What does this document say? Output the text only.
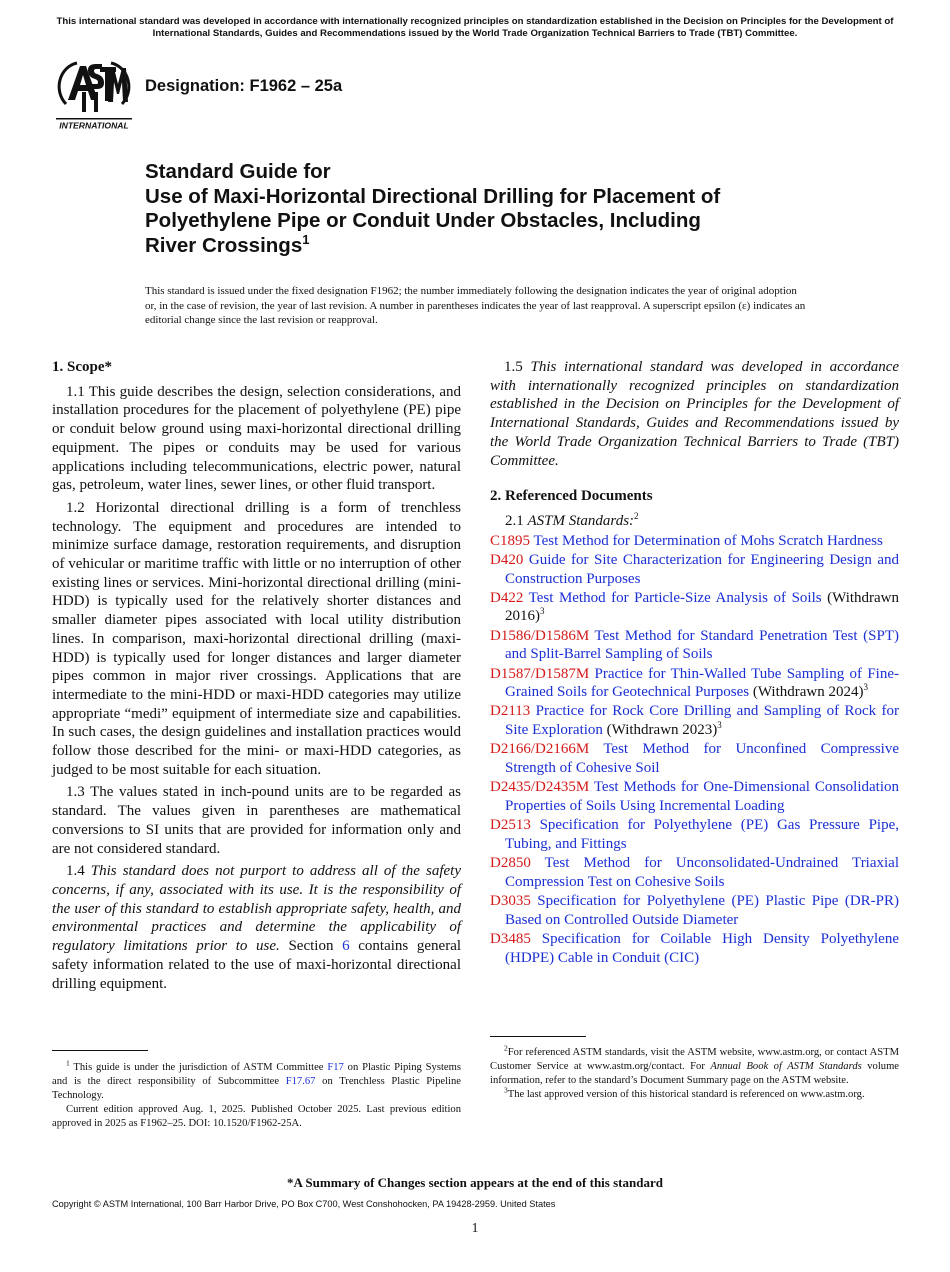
This international standard was developed in accordance with internationally recognized principles on standardization established in the Decision on Principles for the Development of International Standards, Guides and Recommendations issued by the World Trade Organization Technical Barriers to Trade (TBT) Committee.
INTERNATIONAL
Designation: F1962 – 25a
Standard Guide for
Use of Maxi-Horizontal Directional Drilling for Placement of
Polyethylene Pipe or Conduit Under Obstacles, Including
River Crossings$^1$
This standard is issued under the fixed designation F1962; the number immediately following the designation indicates the year of original adoption or, in the case of revision, the year of last revision. A number in parentheses indicates the year of last reapproval. A superscript epsilon (ε) indicates an editorial change since the last revision or reapproval.
1. Scope*

1.1 This guide describes the design, selection considerations, and installation procedures for the placement of polyethylene (PE) pipe or conduit below ground using maxi-horizontal directional drilling equipment. The pipes or conduits may be used for various applications including telecommunications, electric power, natural gas, petroleum, water lines, sewer lines, or other fluid transport.

1.2 Horizontal directional drilling is a form of trenchless technology. The equipment and procedures are intended to minimize surface damage, restoration requirements, and disruption of vehicular or maritime traffic with little or no interruption of other existing lines or services. Mini-horizontal directional drilling (mini-HDD) is typically used for the relatively shorter distances and smaller diameter pipes associated with local utility distribution lines. In comparison, maxi-horizontal directional drilling (maxi-HDD) is typically used for longer distances and larger diameter pipes common in major river crossings. Applications that are intermediate to the mini-HDD or maxi-HDD categories may utilize appropriate “medi” equipment of intermediate size and capabilities. In such cases, the design guidelines and installation practices would follow those described for the mini- or maxi-HDD categories, as judged to be most suitable for each situation.

1.3 The values stated in inch-pound units are to be regarded as standard. The values given in parentheses are mathematical conversions to SI units that are provided for information only and are not considered standard.

1.4 This standard does not purport to address all of the safety concerns, if any, associated with its use. It is the responsibility of the user of this standard to establish appropriate safety, health, and environmental practices and determine the applicability of regulatory limitations prior to use. Section 6 contains general safety information related to the use of maxi-horizontal directional drilling equipment.

1.5 This international standard was developed in accordance with internationally recognized principles on standardization established in the Decision on Principles for the Development of International Standards, Guides and Recommendations issued by the World Trade Organization Technical Barriers to Trade (TBT) Committee.

2. Referenced Documents
2.1 ASTM Standards:$^2$
C1895 Test Method for Determination of Mohs Scratch Hardness
D420 Guide for Site Characterization for Engineering Design and Construction Purposes
D422 Test Method for Particle-Size Analysis of Soils (Withdrawn 2016)$^3$
D1586/D1586M Test Method for Standard Penetration Test (SPT) and Split-Barrel Sampling of Soils
D1587/D1587M Practice for Thin-Walled Tube Sampling of Fine-Grained Soils for Geotechnical Purposes (Withdrawn 2024)$^3$
D2113 Practice for Rock Core Drilling and Sampling of Rock for Site Exploration (Withdrawn 2023)$^3$
D2166/D2166M Test Method for Unconfined Compressive Strength of Cohesive Soil
D2435/D2435M Test Methods for One-Dimensional Consolidation Properties of Soils Using Incremental Loading
D2513 Specification for Polyethylene (PE) Gas Pressure Pipe, Tubing, and Fittings
D2850 Test Method for Unconsolidated-Undrained Triaxial Compression Test on Cohesive Soils
D3035 Specification for Polyethylene (PE) Plastic Pipe (DR-PR) Based on Controlled Outside Diameter
D3485 Specification for Coilable High Density Polyethylene (HDPE) Cable in Conduit (CIC)

$^1$ This guide is under the jurisdiction of ASTM Committee F17 on Plastic Piping Systems and is the direct responsibility of Subcommittee F17.67 on Trenchless Plastic Pipeline Technology.

Current edition approved Aug. 1, 2025. Published October 2025. Last previous edition approved in 2025 as F1962–25. DOI: 10.1520/F1962-25A.

$^2$For referenced ASTM standards, visit the ASTM website, www.astm.org, or contact ASTM Customer Service at www.astm.org/contact. For Annual Book of ASTM Standards volume information, refer to the standard’s Document Summary page on the ASTM website.

$^3$The last approved version of this historical standard is referenced on www.astm.org.

*A Summary of Changes section appears at the end of this standard
Copyright © ASTM International, 100 Barr Harbor Drive, PO Box C700, West Conshohocken, PA 19428-2959. United States
1
